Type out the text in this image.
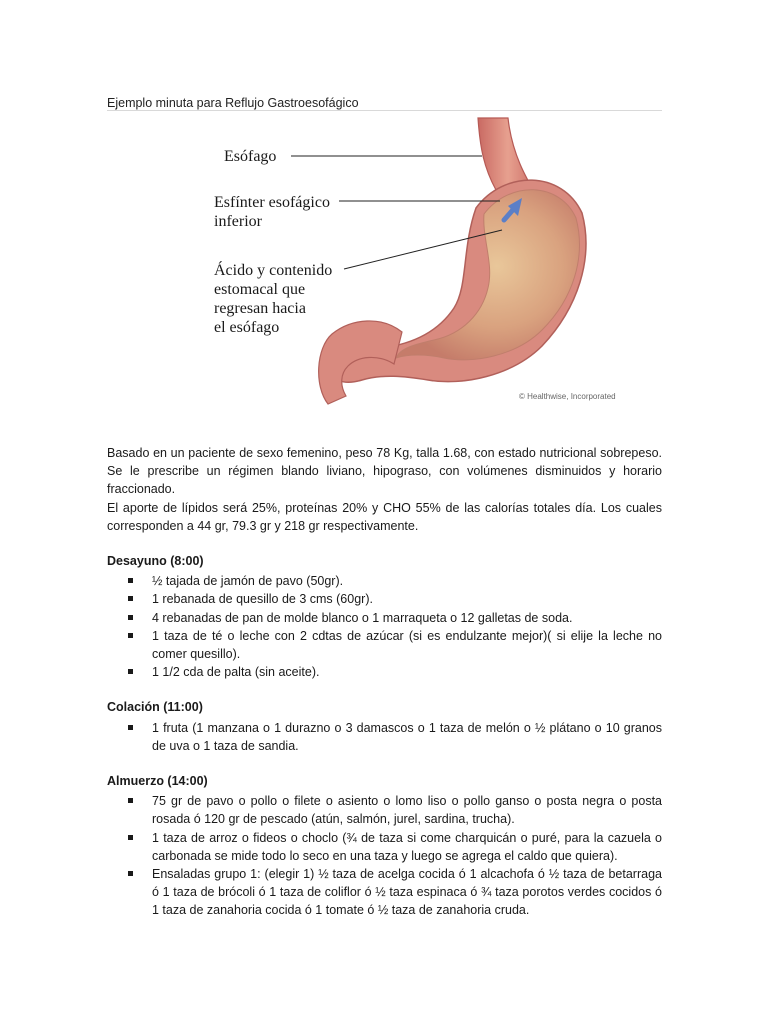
Ejemplo minuta para Reflujo Gastroesofágico
Esófago
Esfínter esofágico
inferior
Ácido y contenido
estomacal que
regresan hacia
el esófago
© Healthwise, Incorporated

Basado en un paciente de sexo femenino, peso 78 Kg, talla 1.68, con estado nutricional sobrepeso. Se le prescribe un régimen blando liviano, hipograso, con volúmenes disminuidos y horario fraccionado.

El aporte de lípidos será 25%, proteínas 20% y CHO 55% de las calorías totales día. Los cuales corresponden a 44 gr, 79.3 gr y 218 gr respectivamente.

Desayuno (8:00)
½ tajada de jamón de pavo (50gr).
1 rebanada de quesillo de 3 cms (60gr).
4 rebanadas de pan de molde blanco o 1 marraqueta o 12 galletas de soda.
1 taza de té o leche con 2 cdtas de azúcar (si es endulzante mejor)( si elije la leche no comer quesillo).
1 1/2 cda de palta (sin aceite).
Colación (11:00)
1 fruta (1 manzana o 1 durazno o 3 damascos o 1 taza de melón o ½ plátano o 10 granos de uva o 1 taza de sandia.
Almuerzo (14:00)
75 gr de pavo o pollo o filete o asiento o lomo liso o pollo ganso o posta negra o posta rosada ó 120 gr de pescado (atún, salmón, jurel, sardina, trucha).
1 taza de arroz o fideos o choclo (¾ de taza si come charquicán o puré, para la cazuela o carbonada se mide todo lo seco en una taza y luego se agrega el caldo que quiera).
Ensaladas grupo 1: (elegir 1) ½ taza de acelga cocida ó 1 alcachofa ó ½ taza de betarraga ó 1 taza de brócoli ó 1 taza de coliflor ó ½ taza espinaca ó ¾ taza porotos verdes cocidos ó 1 taza de zanahoria cocida ó 1 tomate ó ½ taza de zanahoria cruda.
